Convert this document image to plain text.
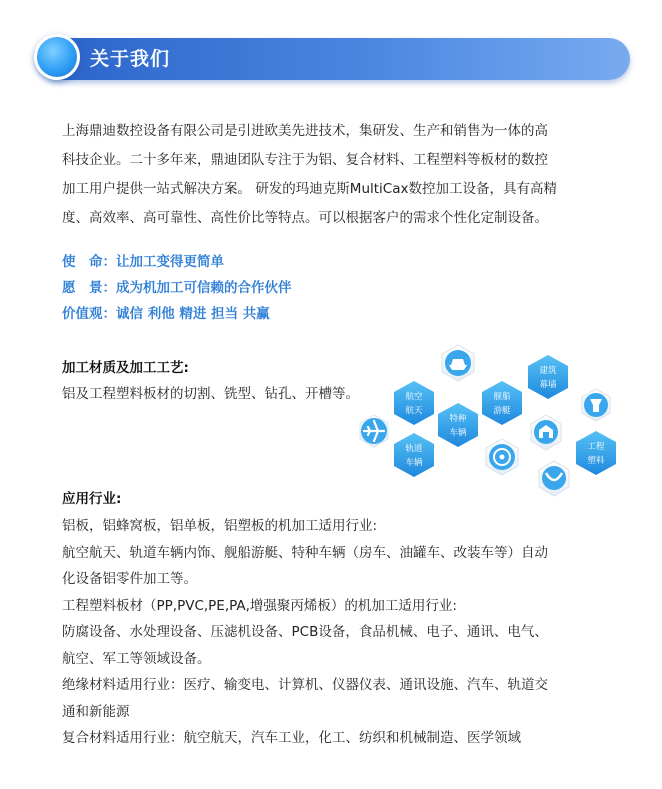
关于我们
上海鼎迪数控设备有限公司是引进欧美先进技术，集研发、生产和销售为一体的高
科技企业。二十多年来，鼎迪团队专注于为铝、复合材料、工程塑料等板材的数控
加工用户提供一站式解决方案。 研发的玛迪克斯MultiCax数控加工设备，具有高精
度、高效率、高可靠性、高性价比等特点。可以根据客户的需求个性化定制设备。
使　命：让加工变得更简单
愿　景：成为机加工可信赖的合作伙伴
价值观：诚信 利他 精进 担当 共赢
加工材质及加工工艺:
铝及工程塑料板材的切割、铣型、钻孔、开槽等。	航空
航天
特种
车辆
舰船
游艇
建筑
幕墙
轨道
车辆
工程
塑料
应用行业:
铝板，铝蜂窝板，铝单板，铝塑板的机加工适用行业:
航空航天、轨道车辆内饰、舰船游艇、特种车辆（房车、油罐车、改装车等）自动
化设备铝零件加工等。
工程塑料板材（PP,PVC,PE,PA,增强聚丙烯板）的机加工适用行业:
防腐设备、水处理设备、压滤机设备、PCB设备，食品机械、电子、通讯、电气、
航空、军工等领域设备。
绝缘材料适用行业：医疗、输变电、计算机、仪器仪表、通讯设施、汽车、轨道交
通和新能源
复合材料适用行业：航空航天，汽车工业，化工、纺织和机械制造、医学领域
